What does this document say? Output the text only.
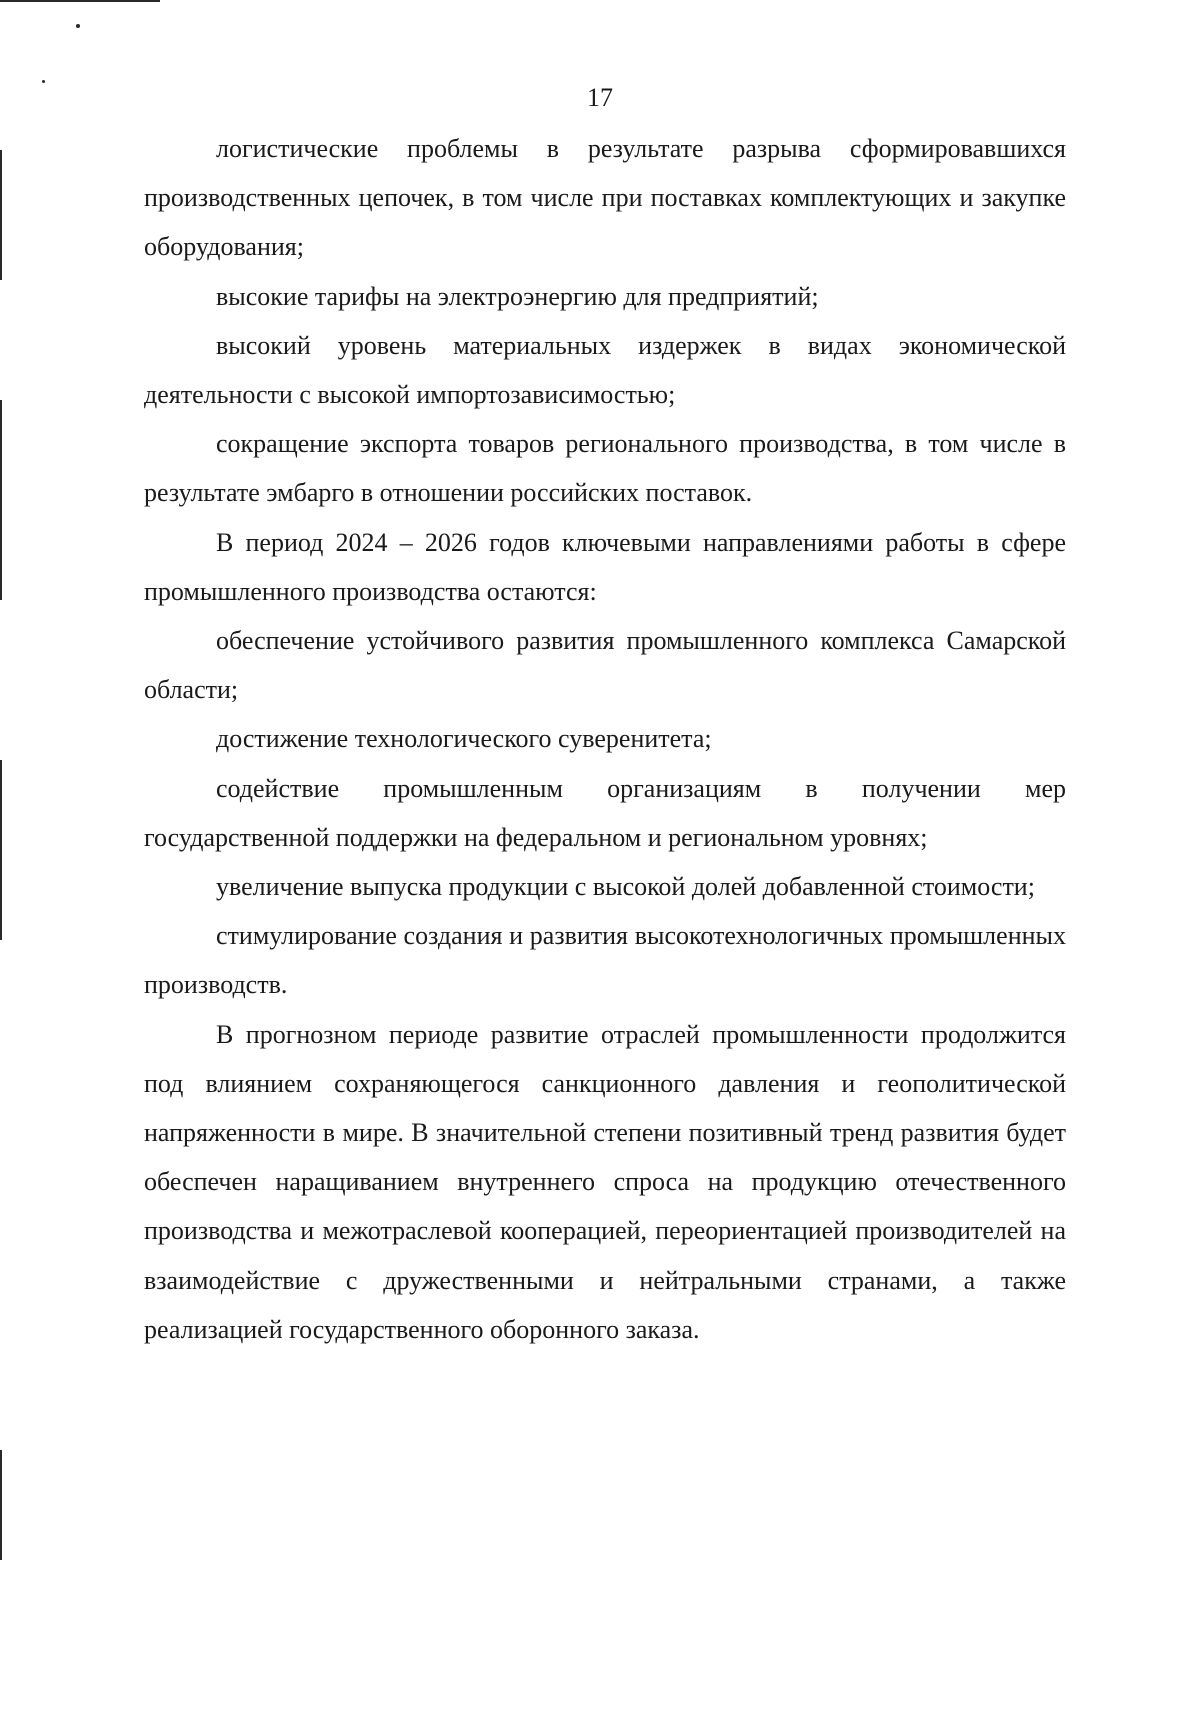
17

логистические проблемы в результате разрыва сформировавшихся производственных цепочек, в том числе при поставках комплектующих и закупке оборудования;

высокие тарифы на электроэнергию для предприятий;

высокий уровень материальных издержек в видах экономической деятельности с высокой импортозависимостью;

сокращение экспорта товаров регионального производства, в том числе в результате эмбарго в отношении российских поставок.

В период 2024 – 2026 годов ключевыми направлениями работы в сфере промышленного производства остаются:

обеспечение устойчивого развития промышленного комплекса Самарской области;

достижение технологического суверенитета;

содействие промышленным организациям в получении мер государственной поддержки на федеральном и региональном уровнях;

увеличение выпуска продукции с высокой долей добавленной стоимости;

стимулирование создания и развития высокотехнологичных промышленных производств.

В прогнозном периоде развитие отраслей промышленности продолжится под влиянием сохраняющегося санкционного давления и геополитической напряженности в мире. В значительной степени позитивный тренд развития будет обеспечен наращиванием внутреннего спроса на продукцию отечественного производства и межотраслевой кооперацией, переориентацией производителей на взаимодействие с дружественными и нейтральными странами, а также реализацией государственного оборонного заказа.
